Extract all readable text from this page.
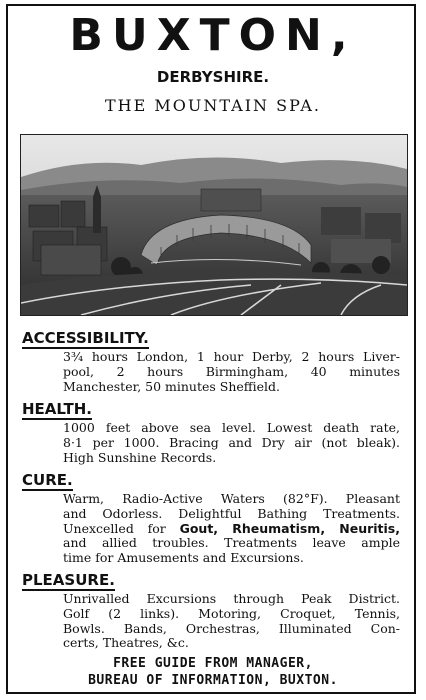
BUXTON,
DERBYSHIRE.
THE MOUNTAIN SPA.
ACCESSIBILITY.
3¾ hours London, 1 hour Derby, 2 hours Liver-
pool, 2 hours Birmingham, 40 minutes
Manchester, 50 minutes Sheffield.
HEALTH.
1000 feet above sea level. Lowest death rate,
8·1 per 1000. Bracing and Dry air (not bleak).
High Sunshine Records.
CURE.
Warm, Radio-Active Waters (82°F). Pleasant
and Odorless. Delightful Bathing Treatments.
Unexcelled for Gout, Rheumatism, Neuritis,
and allied troubles. Treatments leave ample
time for Amusements and Excursions.
PLEASURE.
Unrivalled Excursions through Peak District.
Golf (2 links). Motoring, Croquet, Tennis,
Bowls. Bands, Orchestras, Illuminated Con-
certs, Theatres, &c.
FREE GUIDE FROM MANAGER,
BUREAU OF INFORMATION, BUXTON.
